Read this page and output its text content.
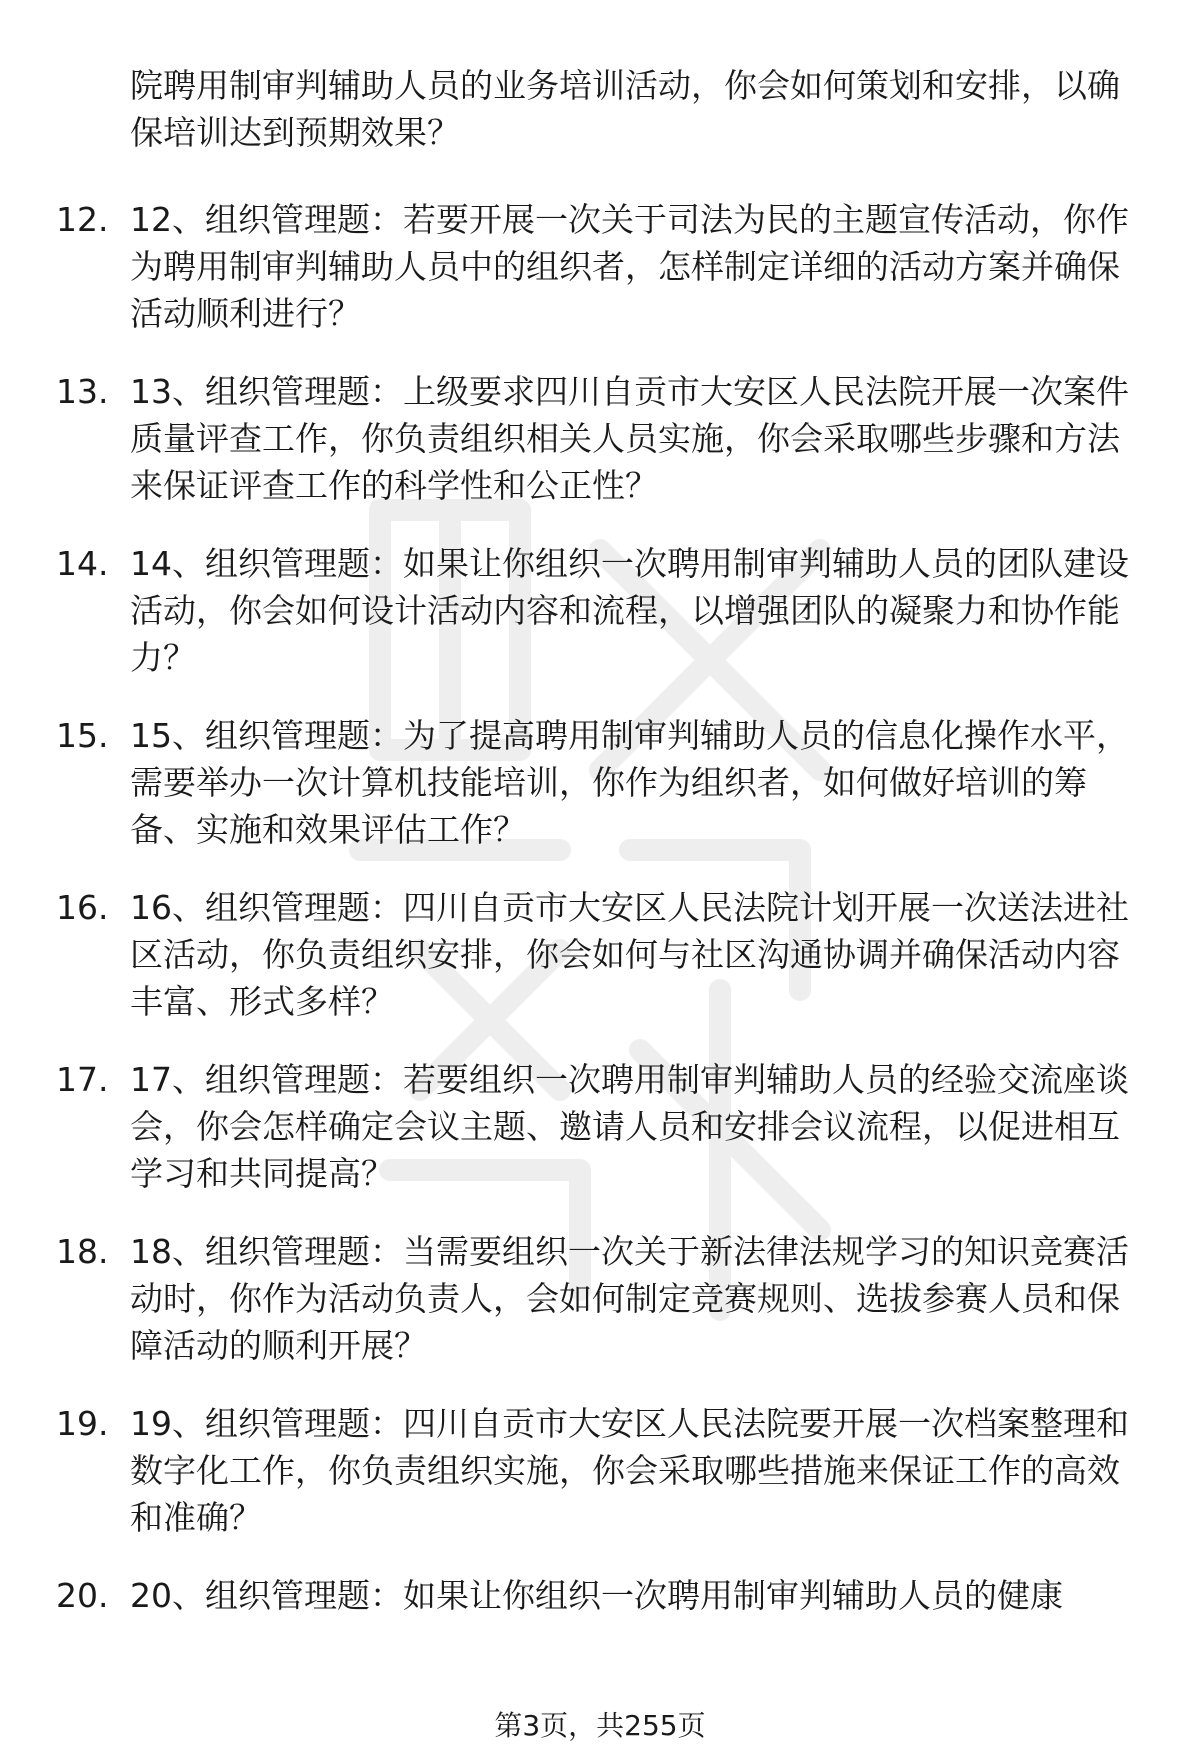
院聘用制审判辅助人员的业务培训活动，你会如何策划和安排，以确保培训达到预期效果？
12. 12、组织管理题：若要开展一次关于司法为民的主题宣传活动，你作为聘用制审判辅助人员中的组织者，怎样制定详细的活动方案并确保活动顺利进行？
13. 13、组织管理题：上级要求四川自贡市大安区人民法院开展一次案件质量评查工作，你负责组织相关人员实施，你会采取哪些步骤和方法来保证评查工作的科学性和公正性？
14. 14、组织管理题：如果让你组织一次聘用制审判辅助人员的团队建设活动，你会如何设计活动内容和流程，以增强团队的凝聚力和协作能力？
15. 15、组织管理题：为了提高聘用制审判辅助人员的信息化操作水平，需要举办一次计算机技能培训，你作为组织者，如何做好培训的筹备、实施和效果评估工作？
16. 16、组织管理题：四川自贡市大安区人民法院计划开展一次送法进社区活动，你负责组织安排，你会如何与社区沟通协调并确保活动内容丰富、形式多样？
17. 17、组织管理题：若要组织一次聘用制审判辅助人员的经验交流座谈会，你会怎样确定会议主题、邀请人员和安排会议流程，以促进相互学习和共同提高？
18. 18、组织管理题：当需要组织一次关于新法律法规学习的知识竞赛活动时，你作为活动负责人，会如何制定竞赛规则、选拔参赛人员和保障活动的顺利开展？
19. 19、组织管理题：四川自贡市大安区人民法院要开展一次档案整理和数字化工作，你负责组织实施，你会采取哪些措施来保证工作的高效和准确？
20. 20、组织管理题：如果让你组织一次聘用制审判辅助人员的健康
第3页，共255页
